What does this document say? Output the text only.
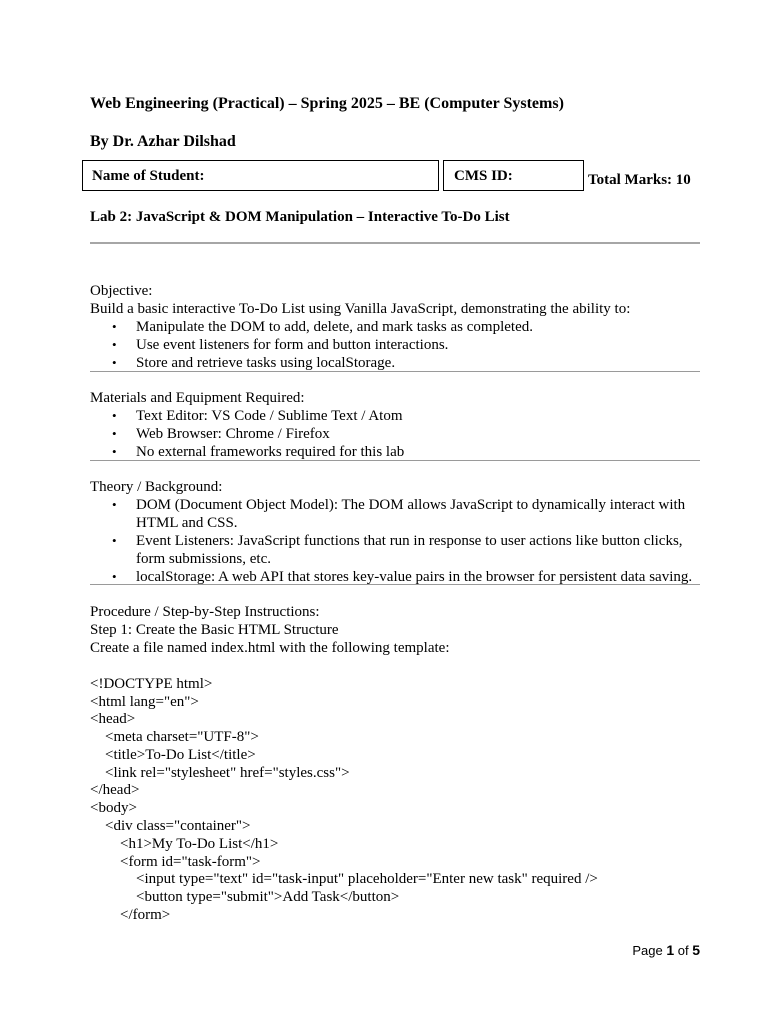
Web Engineering (Practical) – Spring 2025 – BE (Computer Systems)
By Dr. Azhar Dilshad
Name of Student:	CMS ID:	Total Marks: 10
Lab 2: JavaScript & DOM Manipulation – Interactive To-Do List
Objective:
Build a basic interactive To-Do List using Vanilla JavaScript, demonstrating the ability to:
• Manipulate the DOM to add, delete, and mark tasks as completed.
• Use event listeners for form and button interactions.
• Store and retrieve tasks using localStorage.
Materials and Equipment Required:
• Text Editor: VS Code / Sublime Text / Atom
• Web Browser: Chrome / Firefox
• No external frameworks required for this lab
Theory / Background:
• DOM (Document Object Model): The DOM allows JavaScript to dynamically interact with
HTML and CSS.
• Event Listeners: JavaScript functions that run in response to user actions like button clicks,
form submissions, etc.
• localStorage: A web API that stores key-value pairs in the browser for persistent data saving.
Procedure / Step-by-Step Instructions:
Step 1: Create the Basic HTML Structure
Create a file named index.html with the following template:
<!DOCTYPE html>
<html lang="en">
<head>
<meta charset="UTF-8">
<title>To-Do List</title>
<link rel="stylesheet" href="styles.css">
</head>
<body>
<div class="container">
<h1>My To-Do List</h1>
<form id="task-form">
<input type="text" id="task-input" placeholder="Enter new task" required />
<button type="submit">Add Task</button>
</form>
Page 1 of 5
